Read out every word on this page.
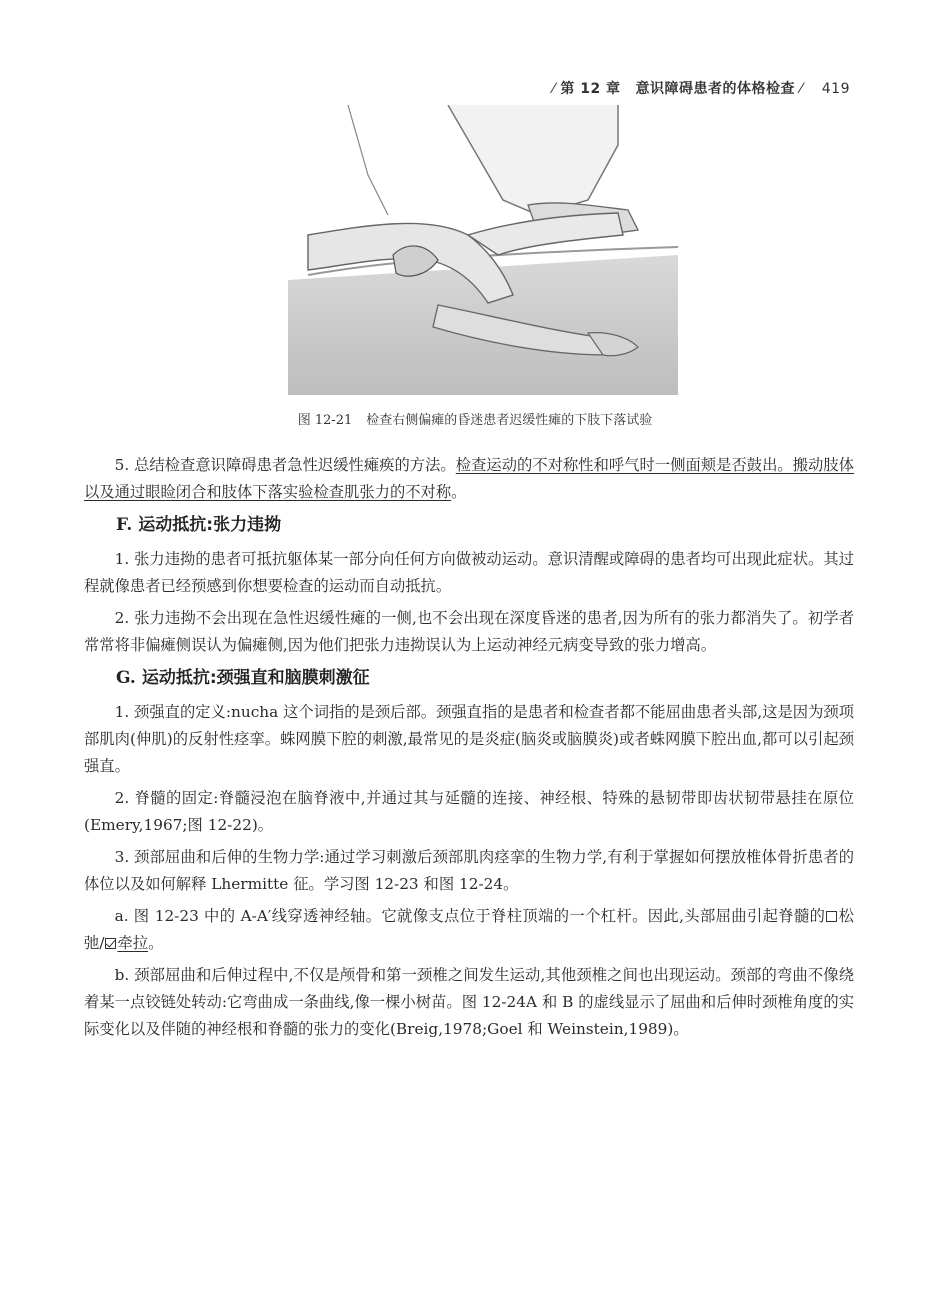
⁄ 第 12 章 意识障碍患者的体格检查 ⁄ 419
图 12-21 检查右侧偏瘫的昏迷患者迟缓性瘫的下肢下落试验

5. 总结检查意识障碍患者急性迟缓性瘫痪的方法。检查运动的不对称性和呼气时一侧面颊是否鼓出。搬动肢体以及通过眼睑闭合和肢体下落实验检查肌张力的不对称。

F. 运动抵抗:张力违拗

1. 张力违拗的患者可抵抗躯体某一部分向任何方向做被动运动。意识清醒或障碍的患者均可出现此症状。其过程就像患者已经预感到你想要检查的运动而自动抵抗。

2. 张力违拗不会出现在急性迟缓性瘫的一侧,也不会出现在深度昏迷的患者,因为所有的张力都消失了。初学者常常将非偏瘫侧误认为偏瘫侧,因为他们把张力违拗误认为上运动神经元病变导致的张力增高。

G. 运动抵抗:颈强直和脑膜刺激征

1. 颈强直的定义:nucha 这个词指的是颈后部。颈强直指的是患者和检查者都不能屈曲患者头部,这是因为颈项部肌肉(伸肌)的反射性痉挛。蛛网膜下腔的刺激,最常见的是炎症(脑炎或脑膜炎)或者蛛网膜下腔出血,都可以引起颈强直。

2. 脊髓的固定:脊髓浸泡在脑脊液中,并通过其与延髓的连接、神经根、特殊的悬韧带即齿状韧带悬挂在原位(Emery,1967;图 12-22)。

3. 颈部屈曲和后伸的生物力学:通过学习刺激后颈部肌肉痉挛的生物力学,有利于掌握如何摆放椎体骨折患者的体位以及如何解释 Lhermitte 征。学习图 12-23 和图 12-24。

a. 图 12-23 中的 A-A′线穿透神经轴。它就像支点位于脊柱顶端的一个杠杆。因此,头部屈曲引起脊髓的 松弛/ 牵拉。

b. 颈部屈曲和后伸过程中,不仅是颅骨和第一颈椎之间发生运动,其他颈椎之间也出现运动。颈部的弯曲不像绕着某一点铰链处转动:它弯曲成一条曲线,像一棵小树苗。图 12-24A 和 B 的虚线显示了屈曲和后伸时颈椎角度的实际变化以及伴随的神经根和脊髓的张力的变化(Breig,1978;Goel 和 Weinstein,1989)。
